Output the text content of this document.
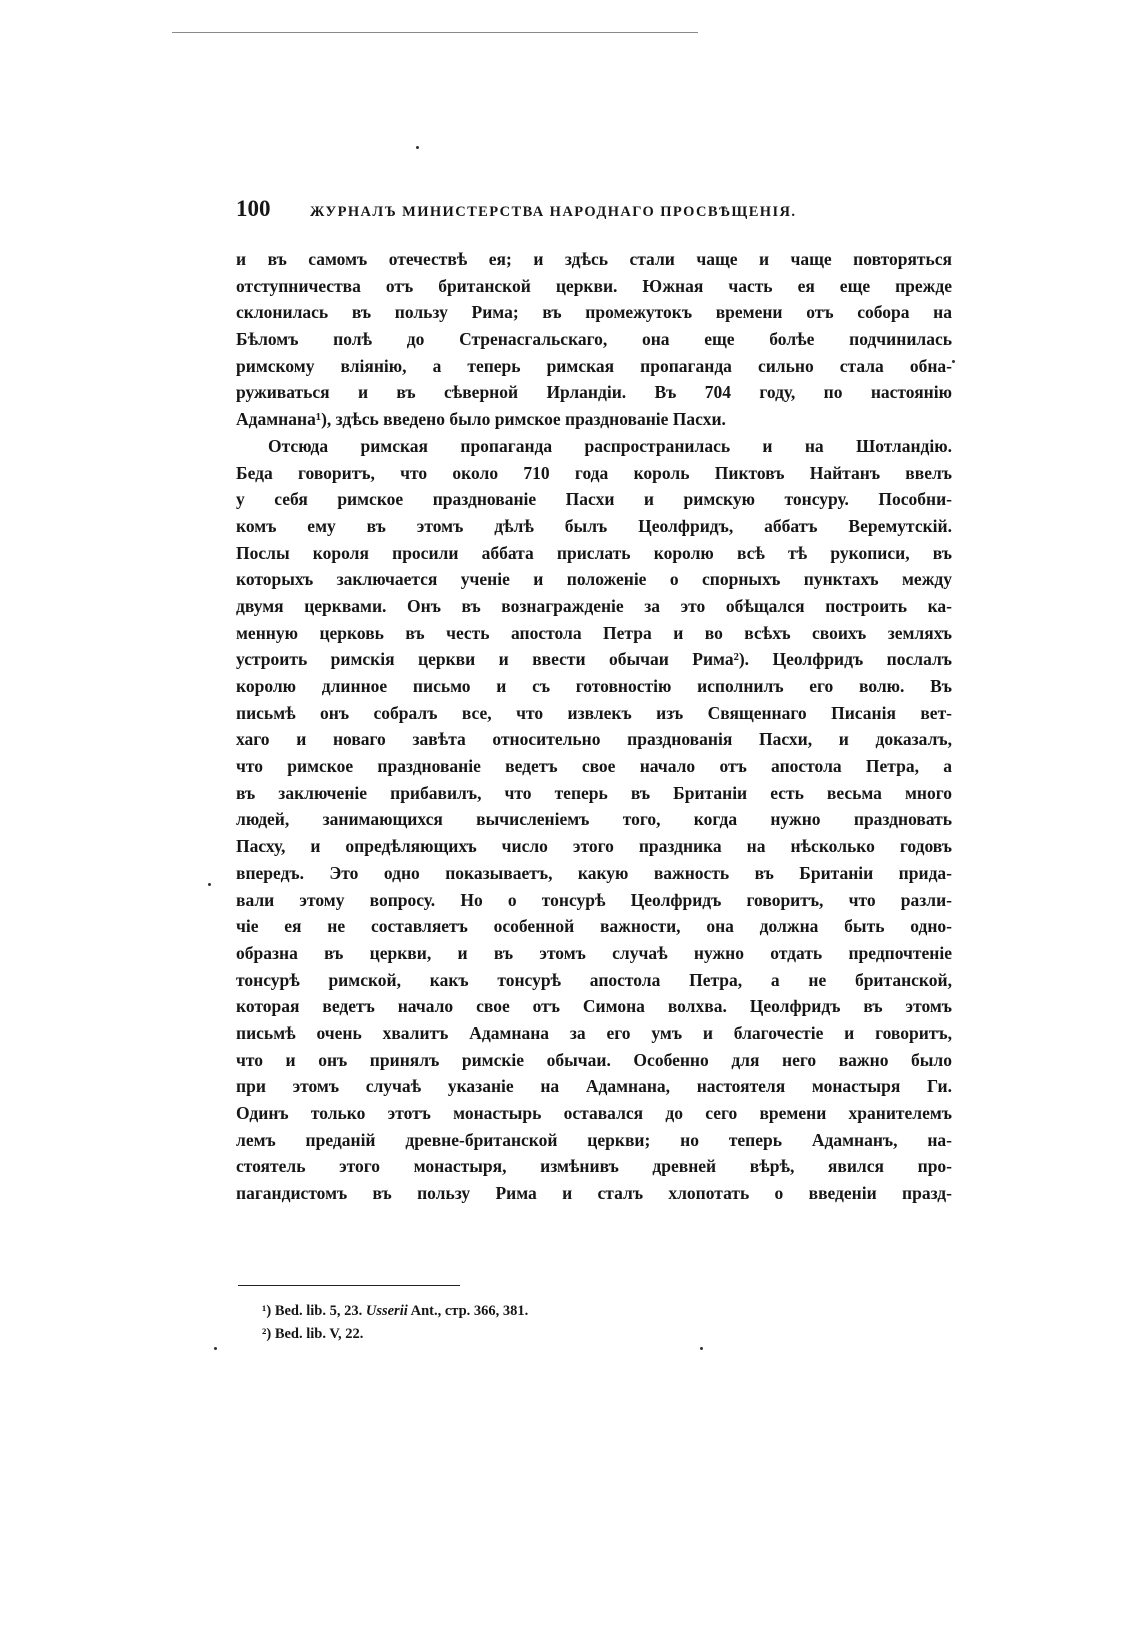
100	ЖУРНАЛЪ МИНИСТЕРСТВА НАРОДНАГО ПРОСВѢЩЕНІЯ.
и въ самомъ отечествѣ ея; и здѣсь стали чаще и чаще повторяться
отступничества отъ британской церкви. Южная часть ея еще прежде
склонилась въ пользу Рима; въ промежутокъ времени отъ собора на
Бѣломъ полѣ до Стренасгальскаго, она еще болѣе подчинилась
римскому вліянію, а теперь римская пропаганда сильно стала обна-
руживаться и въ сѣверной Ирландіи. Въ 704 году, по настоянію
Адамнана¹), здѣсь введено было римское празднованіе Пасхи.
Отсюда римская пропаганда распространилась и на Шотландію.
Беда говоритъ, что около 710 года король Пиктовъ Найтанъ ввелъ
у себя римское празднованіе Пасхи и римскую тонсуру. Пособни-
комъ ему въ этомъ дѣлѣ былъ Цеолфридъ, аббатъ Веремутскій.
Послы короля просили аббата прислать королю всѣ тѣ рукописи, въ
которыхъ заключается ученіе и положеніе о спорныхъ пунктахъ между
двумя церквами. Онъ въ вознагражденіе за это обѣщался построить ка-
менную церковь въ честь апостола Петра и во всѣхъ своихъ земляхъ
устроить римскія церкви и ввести обычаи Рима²). Цеолфридъ послалъ
королю длинное письмо и съ готовностію исполнилъ его волю. Въ
письмѣ онъ собралъ все, что извлекъ изъ Священнаго Писанія вет-
хаго и новаго завѣта относительно празднованія Пасхи, и доказалъ,
что римское празднованіе ведетъ свое начало отъ апостола Петра, а
въ заключеніе прибавилъ, что теперь въ Британіи есть весьма много
людей, занимающихся вычисленіемъ того, когда нужно праздновать
Пасху, и опредѣляющихъ число этого праздника на нѣсколько годовъ
впередъ. Это одно показываетъ, какую важность въ Британіи прида-
вали этому вопросу. Но о тонсурѣ Цеолфридъ говоритъ, что разли-
чіе ея не составляетъ особенной важности, она должна быть одно-
образна въ церкви, и въ этомъ случаѣ нужно отдать предпочтеніе
тонсурѣ римской, какъ тонсурѣ апостола Петра, а не британской,
которая ведетъ начало свое отъ Симона волхва. Цеолфридъ въ этомъ
письмѣ очень хвалитъ Адамнана за его умъ и благочестіе и говоритъ,
что и онъ принялъ римскіе обычаи. Особенно для него важно было
при этомъ случаѣ указаніе на Адамнана, настоятеля монастыря Ги.
Одинъ только этотъ монастырь оставался до сего времени хранителемъ
лемъ преданій древне-британской церкви; но теперь Адамнанъ, на-
стоятель этого монастыря, измѣнивъ древней вѣрѣ, явился про-
пагандистомъ въ пользу Рима и сталъ хлопотать о введеніи празд-
¹) Bed. lib. 5, 23. Usserii Ant., стр. 366, 381.
²) Bed. lib. V, 22.
